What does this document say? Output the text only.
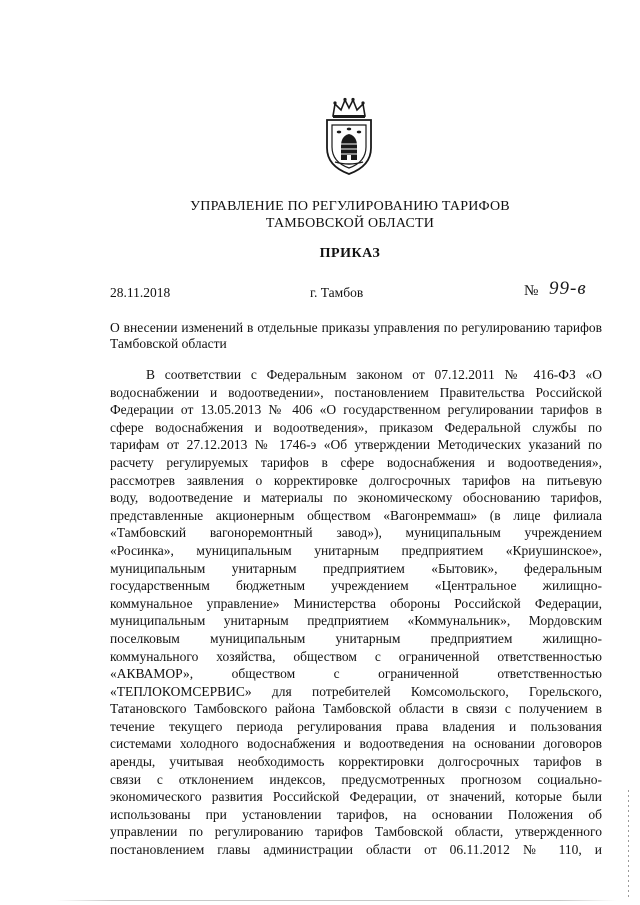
УПРАВЛЕНИЕ ПО РЕГУЛИРОВАНИЮ ТАРИФОВ
ТАМБОВСКОЙ ОБЛАСТИ
ПРИКАЗ
28.11.2018	г. Тамбов	№ 99-в
О внесении изменений в отдельные приказы управления по регулированию тарифов Тамбовской области
В соответствии с Федеральным законом от 07.12.2011 № 416-ФЗ «О
водоснабжении и водоотведении», постановлением Правительства Российской
Федерации от 13.05.2013 № 406 «О государственном регулировании тарифов в
сфере водоснабжения и водоотведения», приказом Федеральной службы по
тарифам от 27.12.2013 № 1746-э «Об утверждении Методических указаний по
расчету регулируемых тарифов в сфере водоснабжения и водоотведения»,
рассмотрев заявления о корректировке долгосрочных тарифов на питьевую
воду, водоотведение и материалы по экономическому обоснованию тарифов,
представленные акционерным обществом «Вагонреммаш» (в лице филиала
«Тамбовский вагоноремонтный завод»), муниципальным учреждением
«Росинка», муниципальным унитарным предприятием «Криушинское»,
муниципальным унитарным предприятием «Бытовик», федеральным
государственным бюджетным учреждением «Центральное жилищно-
коммунальное управление» Министерства обороны Российской Федерации,
муниципальным унитарным предприятием «Коммунальник», Мордовским
поселковым муниципальным унитарным предприятием жилищно-
коммунального хозяйства, обществом с ограниченной ответственностью
«АКВАМОР», обществом с ограниченной ответственностью
«ТЕПЛОКОМСЕРВИС» для потребителей Комсомольского, Горельского,
Татановского Тамбовского района Тамбовской области в связи с получением в
течение текущего периода регулирования права владения и пользования
системами холодного водоснабжения и водоотведения на основании договоров
аренды, учитывая необходимость корректировки долгосрочных тарифов в
связи с отклонением индексов, предусмотренных прогнозом социально-
экономического развития Российской Федерации, от значений, которые были
использованы при установлении тарифов, на основании Положения об
управлении по регулированию тарифов Тамбовской области, утвержденного
постановлением главы администрации области от 06.11.2012 № 110, и
